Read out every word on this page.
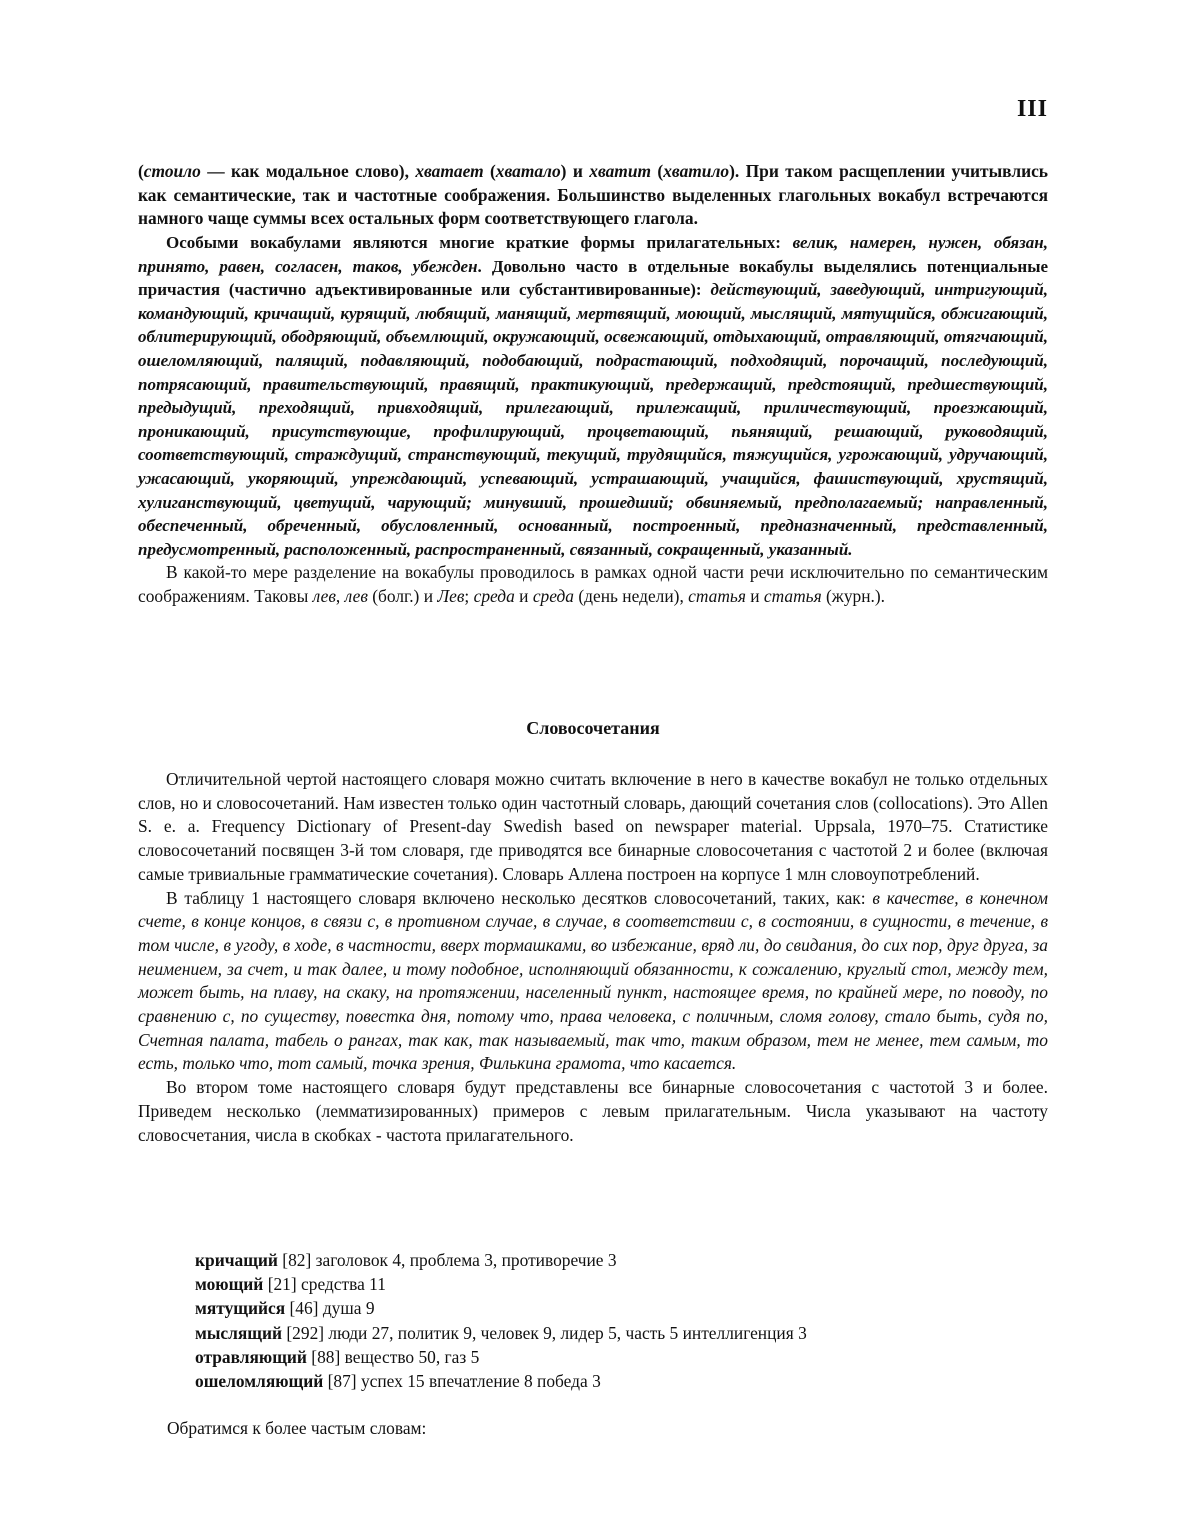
III

(стоило — как модальное слово), хватает (хватало) и хватит (хватило). При таком расщеплении учитывлись как семантические, так и частотные соображения. Большинство выделенных глагольных вокабул встречаются намного чаще суммы всех остальных форм соответствующего глагола.

Особыми вокабулами являются многие краткие формы прилагательных: велик, намерен, нужен, обязан, принято, равен, согласен, таков, убежден. Довольно часто в отдельные вокабулы выделялись потенциальные причастия (частично адъективированные или субстантивированные): действующий, заведующий, интригующий, командующий, кричащий, курящий, любящий, манящий, мертвящий, моющий, мыслящий, мятущийся, обжигающий, облитерирующий, ободряющий, объемлющий, окружающий, освежающий, отдыхающий, отравляющий, отягчающий, ошеломляющий, палящий, подавляющий, подобающий, подрастающий, подходящий, порочащий, последующий, потрясающий, правительствующий, правящий, практикующий, предержащий, предстоящий, предшествующий, предыдущий, преходящий, привходящий, прилегающий, прилежащий, приличествующий, проезжающий, проникающий, присутствующие, профилирующий, процветающий, пьянящий, решающий, руководящий, соответствующий, страждущий, странствующий, текущий, трудящийся, тяжущийся, угрожающий, удручающий, ужасающий, укоряющий, упреждающий, успевающий, устрашающий, учащийся, фашиствующий, хрустящий, хулиганствующий, цветущий, чарующий; минувший, прошедший; обвиняемый, предполагаемый; направленный, обеспеченный, обреченный, обусловленный, основанный, построенный, предназначенный, представленный, предусмотренный, расположенный, распространенный, связанный, сокращенный, указанный.

В какой-то мере разделение на вокабулы проводилось в рамках одной части речи исключительно по семантическим соображениям. Таковы лев, лев (болг.) и Лев; среда и среда (день недели), статья и статья (журн.).

Словосочетания

Отличительной чертой настоящего словаря можно считать включение в него в качестве вокабул не только отдельных слов, но и словосочетаний. Нам известен только один частотный словарь, дающий сочетания слов (collocations). Это Allen S. e. a. Frequency Dictionary of Present-day Swedish based on newspaper material. Uppsala, 1970–75. Статистике словосочетаний посвящен 3-й том словаря, где приводятся все бинарные словосочетания с частотой 2 и более (включая самые тривиальные грамматические сочетания). Словарь Аллена построен на корпусе 1 млн словоупотреблений.

В таблицу 1 настоящего словаря включено несколько десятков словосочетаний, таких, как: в качестве, в конечном счете, в конце концов, в связи с, в противном случае, в случае, в соответствии с, в состоянии, в сущности, в течение, в том числе, в угоду, в ходе, в частности, вверх тормашками, во избежание, вряд ли, до свидания, до сих пор, друг друга, за неимением, за счет, и так далее, и тому подобное, исполняющий обязанности, к сожалению, круглый стол, между тем, может быть, на плаву, на скаку, на протяжении, населенный пункт, настоящее время, по крайней мере, по поводу, по сравнению с, по существу, повестка дня, потому что, права человека, с поличным, сломя голову, стало быть, судя по, Счетная палата, табель о рангах, так как, так называемый, так что, таким образом, тем не менее, тем самым, то есть, только что, тот самый, точка зрения, Филькина грамота, что касается.

Во втором томе настоящего словаря будут представлены все бинарные словосочетания с частотой 3 и более. Приведем несколько (лемматизированных) примеров с левым прилагательным. Числа указывают на частоту словосчетания, числа в скобках - частота прилагательного.

кричащий [82] заголовок 4, проблема 3, противоречие 3
моющий [21] средства 11
мятущийся [46] душа 9
мыслящий [292] люди 27, политик 9, человек 9, лидер 5, часть 5 интеллигенция 3
отравляющий [88] вещество 50, газ 5
ошеломляющий [87] успех 15 впечатление 8 победа 3
Обратимся к более частым словам:
